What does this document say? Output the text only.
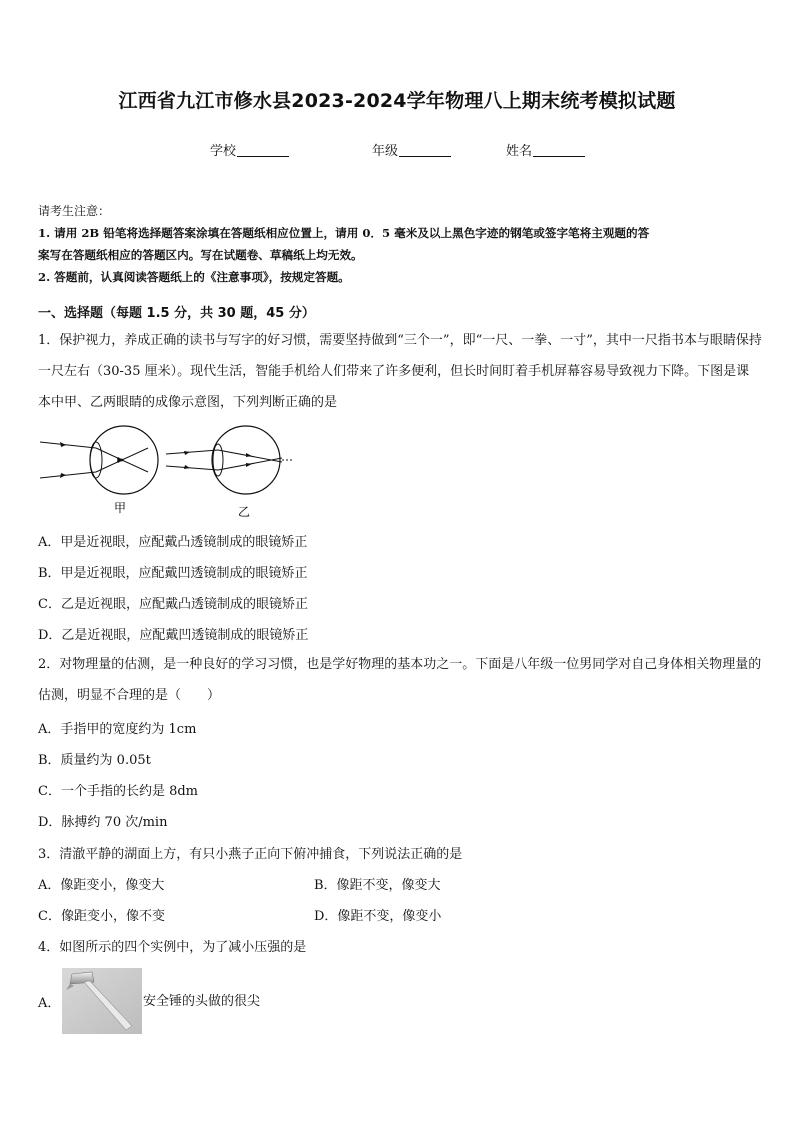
江西省九江市修水县2023-2024学年物理八上期末统考模拟试题
学校	年级	姓名
请考生注意：
1. 请用 2B 铅笔将选择题答案涂填在答题纸相应位置上，请用 0．5 毫米及以上黑色字迹的钢笔或签字笔将主观题的答
案写在答题纸相应的答题区内。写在试题卷、草稿纸上均无效。
2. 答题前，认真阅读答题纸上的《注意事项》，按规定答题。
一、选择题（每题 1.5 分，共 30 题，45 分）
1．保护视力，养成正确的读书与写字的好习惯，需要坚持做到“三个一”，即“一尺、一拳、一寸”，其中一尺指书本与眼睛保持一尺左右（30-35 厘米）。现代生活，智能手机给人们带来了许多便利，但长时间盯着手机屏幕容易导致视力下降。下图是课本中甲、乙两眼睛的成像示意图，下列判断正确的是
甲	乙
A．甲是近视眼，应配戴凸透镜制成的眼镜矫正
B．甲是近视眼，应配戴凹透镜制成的眼镜矫正
C．乙是近视眼，应配戴凸透镜制成的眼镜矫正
D．乙是近视眼，应配戴凹透镜制成的眼镜矫正
2．对物理量的估测，是一种良好的学习习惯，也是学好物理的基本功之一。下面是八年级一位男同学对自己身体相关物理量的估测，明显不合理的是（　　）
A．手指甲的宽度约为 1cm
B．质量约为 0.05t
C．一个手指的长约是 8dm
D．脉搏约 70 次/min
3．清澈平静的湖面上方，有只小燕子正向下俯冲捕食，下列说法正确的是
A．像距变小，像变大	B．像距不变，像变大
C．像距变小，像不变	D．像距不变，像变小
4．如图所示的四个实例中，为了减小压强的是
A．	安全锤的头做的很尖
